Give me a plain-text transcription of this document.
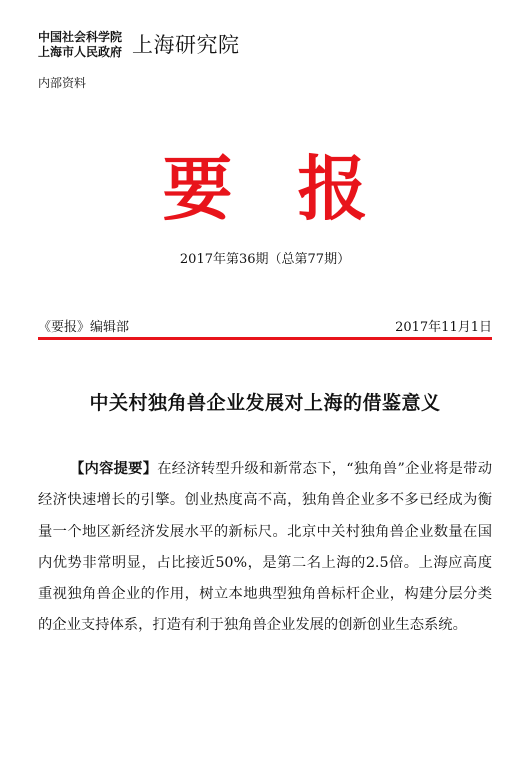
中国社会科学院
上海市人民政府 上海研究院
内部资料
要报
2017年第36期（总第77期）
《要报》编辑部	2017年11月1日
中关村独角兽企业发展对上海的借鉴意义
【内容提要】在经济转型升级和新常态下，“独角兽”企业将是带动经济快速增长的引擎。创业热度高不高，独角兽企业多不多已经成为衡量一个地区新经济发展水平的新标尺。北京中关村独角兽企业数量在国内优势非常明显，占比接近50%，是第二名上海的2.5倍。上海应高度重视独角兽企业的作用，树立本地典型独角兽标杆企业，构建分层分类的企业支持体系，打造有利于独角兽企业发展的创新创业生态系统。
